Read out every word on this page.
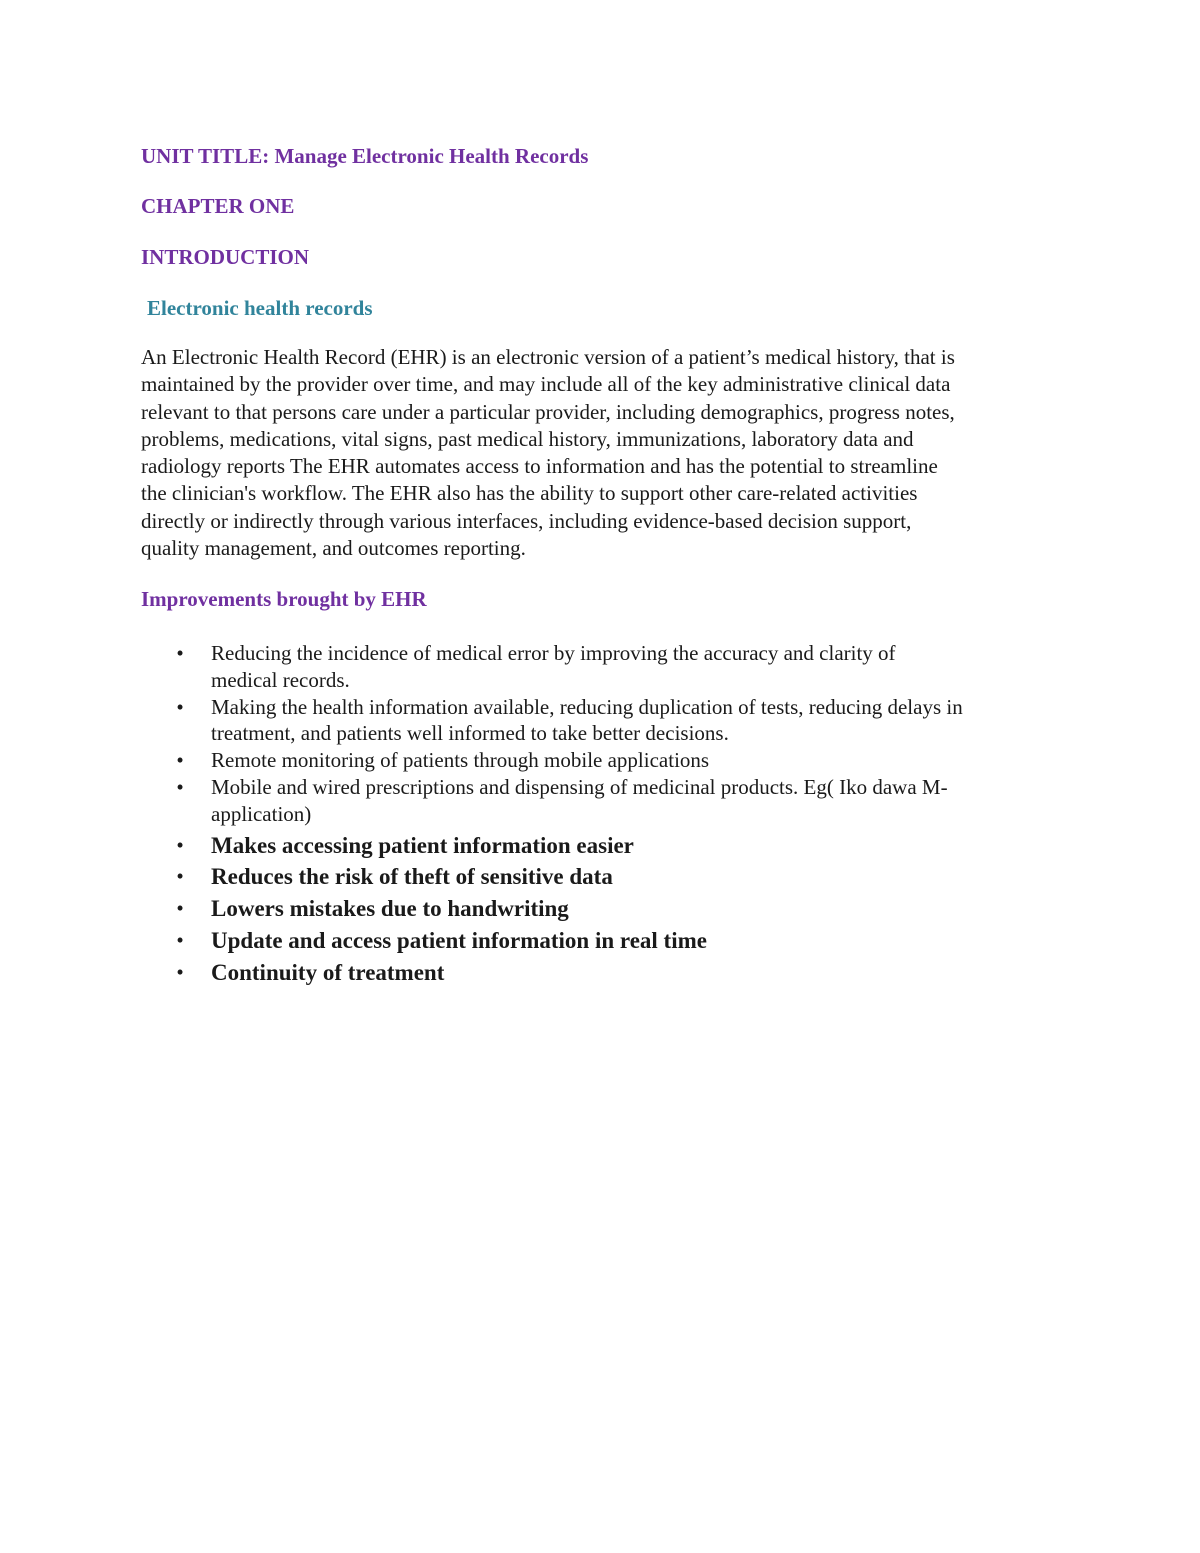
UNIT TITLE: Manage Electronic Health Records
CHAPTER ONE
INTRODUCTION
Electronic health records

An Electronic Health Record (EHR) is an electronic version of a patient’s medical history, that is
maintained by the provider over time, and may include all of the key administrative clinical data
relevant to that persons care under a particular provider, including demographics, progress notes,
problems, medications, vital signs, past medical history, immunizations, laboratory data and
radiology reports The EHR automates access to information and has the potential to streamline
the clinician's workflow. The EHR also has the ability to support other care-related activities
directly or indirectly through various interfaces, including evidence-based decision support,
quality management, and outcomes reporting.

Improvements brought by EHR
• Reducing the incidence of medical error by improving the accuracy and clarity of
medical records.
• Making the health information available, reducing duplication of tests, reducing delays in
treatment, and patients well informed to take better decisions.
• Remote monitoring of patients through mobile applications
• Mobile and wired prescriptions and dispensing of medicinal products. Eg( Iko dawa M-
application)
• Makes accessing patient information easier
• Reduces the risk of theft of sensitive data
• Lowers mistakes due to handwriting
• Update and access patient information in real time
• Continuity of treatment
